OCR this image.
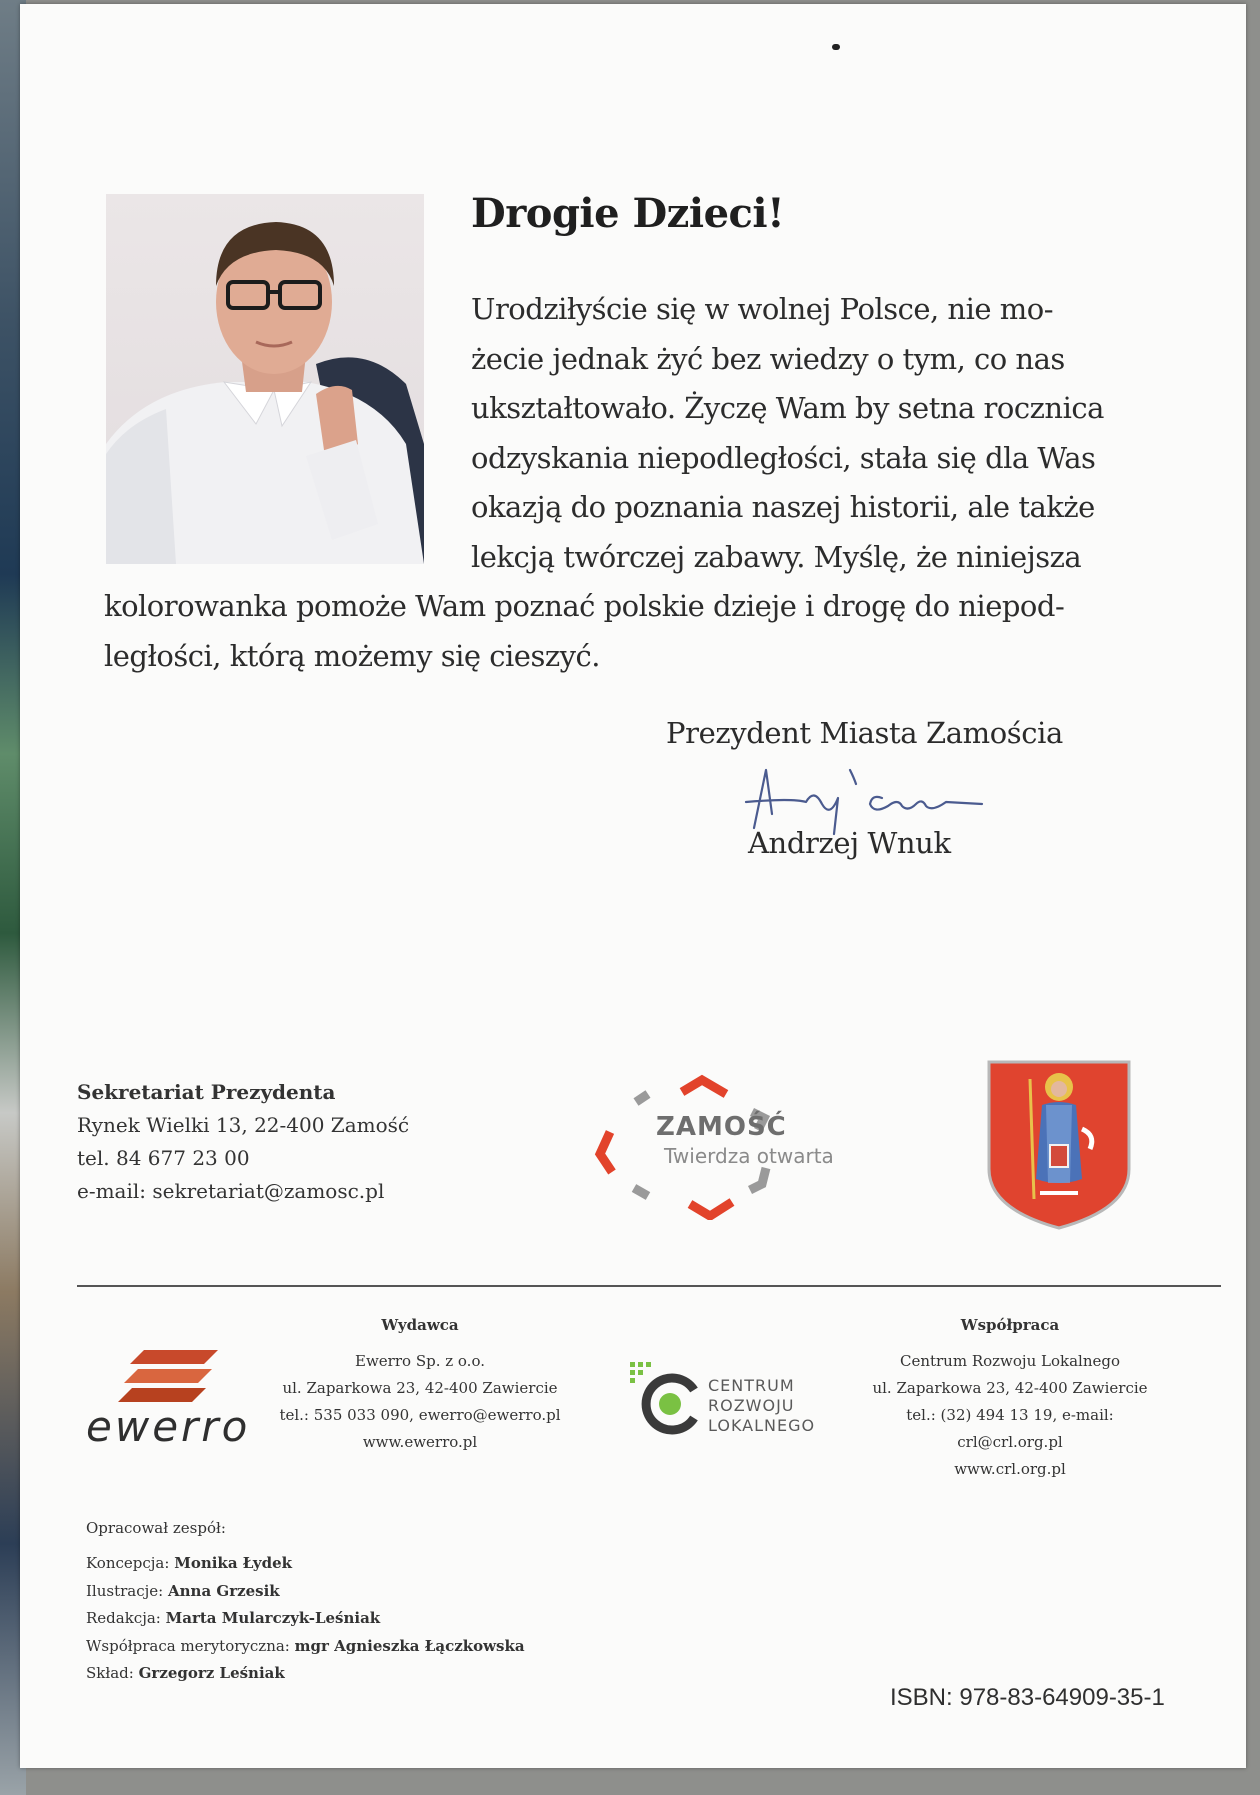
Drogie Dzieci!
Urodziłyście się w wolnej Polsce, nie mo-
żecie jednak żyć bez wiedzy o tym, co nas
ukształtowało. Życzę Wam by setna rocznica
odzyskania niepodległości, stała się dla Was
okazją do poznania naszej historii, ale także
lekcją twórczej zabawy. Myślę, że niniejsza
kolorowanka pomoże Wam poznać polskie dzieje i drogę do niepod-
ległości, którą możemy się cieszyć.
Prezydent Miasta Zamościa
Andrzej Wnuk
Sekretariat Prezydenta
Rynek Wielki 13, 22-400 Zamość
tel. 84 677 23 00
e-mail: sekretariat@zamosc.pl
ZAMOŚĆ
Twierdza otwarta
ewerro
Wydawca
Ewerro Sp. z o.o.
ul. Zaparkowa 23, 42-400 Zawiercie
tel.: 535 033 090, ewerro@ewerro.pl
www.ewerro.pl
CENTRUM
ROZWOJU
LOKALNEGO
Współpraca
Centrum Rozwoju Lokalnego
ul. Zaparkowa 23, 42-400 Zawiercie
tel.: (32) 494 13 19, e-mail: crl@crl.org.pl
www.crl.org.pl
Opracował zespół:
Koncepcja: Monika Łydek
Ilustracje: Anna Grzesik
Redakcja: Marta Mularczyk-Leśniak
Współpraca merytoryczna: mgr Agnieszka Łączkowska
Skład: Grzegorz Leśniak
ISBN: 978-83-64909-35-1
